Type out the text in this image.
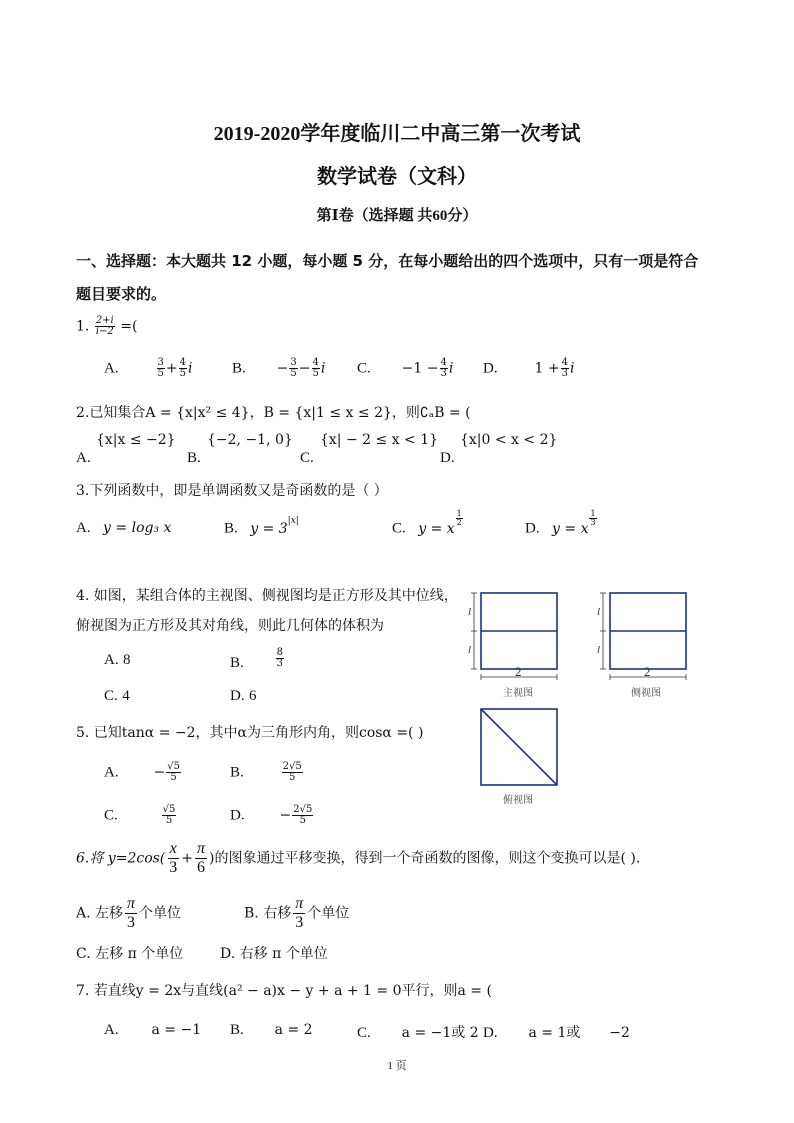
2019-2020学年度临川二中高三第一次考试
数学试卷（文科）
第Ⅰ卷（选择题 共60分）
一、选择题：本大题共 12 小题，每小题 5 分，在每小题给出的四个选项中，只有一项是符合
题目要求的。
1. $\frac{2+i}{i-2}$ =(
A.	$\frac{3}{5} + \frac{4}{5}$ i	B. − $\frac{3}{5} - \frac{4}{5}$ i C. $-1 - \frac{4}{3}$ i D.	$1 + \frac{4}{3}$ i
2.已知集合A = {x|x² ≤ 4}，B = {x|1 ≤ x ≤ 2}，则∁ₐB = (
{x|x ≤ −2}
A.
{−2, −1, 0}
B.
{x| − 2 ≤ x < 1}
C.
{x|0 < x < 2}
D.
3.下列函数中，即是单调函数又是奇函数的是（ ）
A. y = log₃ x	B. $y = 3^{|x|}$	C. y = x
$\frac{1}{2}$
D. y = x
$\frac{1}{3}$
4. 如图，某组合体的主视图、侧视图均是正方形及其中位线，
俯视图为正方形及其对角线，则此几何体的体积为
A. 8	B.	$\frac{8}{3}$
C. 4	D. 6
l
l
2
l
l
2
主视图	侧视图
俯视图
5. 已知tanα = −2，其中α为三角形内角，则cosα =( )
A. − $\frac{√5}{5}$	B.	$\frac{2√5}{5}$
C.	$\frac{√5}{5}$	D. − $\frac{2√5}{5}$
6.将 $y=2\cos( \frac{x}{3} + \frac{\pi}{6}$ )的图象通过平移变换，得到一个奇函数的图像，则这个变换可以是( ).
A. 左移 $\frac{\pi}{3}$ 个单位	B. 右移 $\frac{\pi}{3}$ 个单位
C. 左移 π 个单位	D. 右移 π 个单位
7. 若直线y = 2x与直线(a² − a)x − y + a + 1 = 0平行，则a = (
A. a = −1 B. a = 2	C. a = −1或 2 D. a = 1或 −2
1 页
